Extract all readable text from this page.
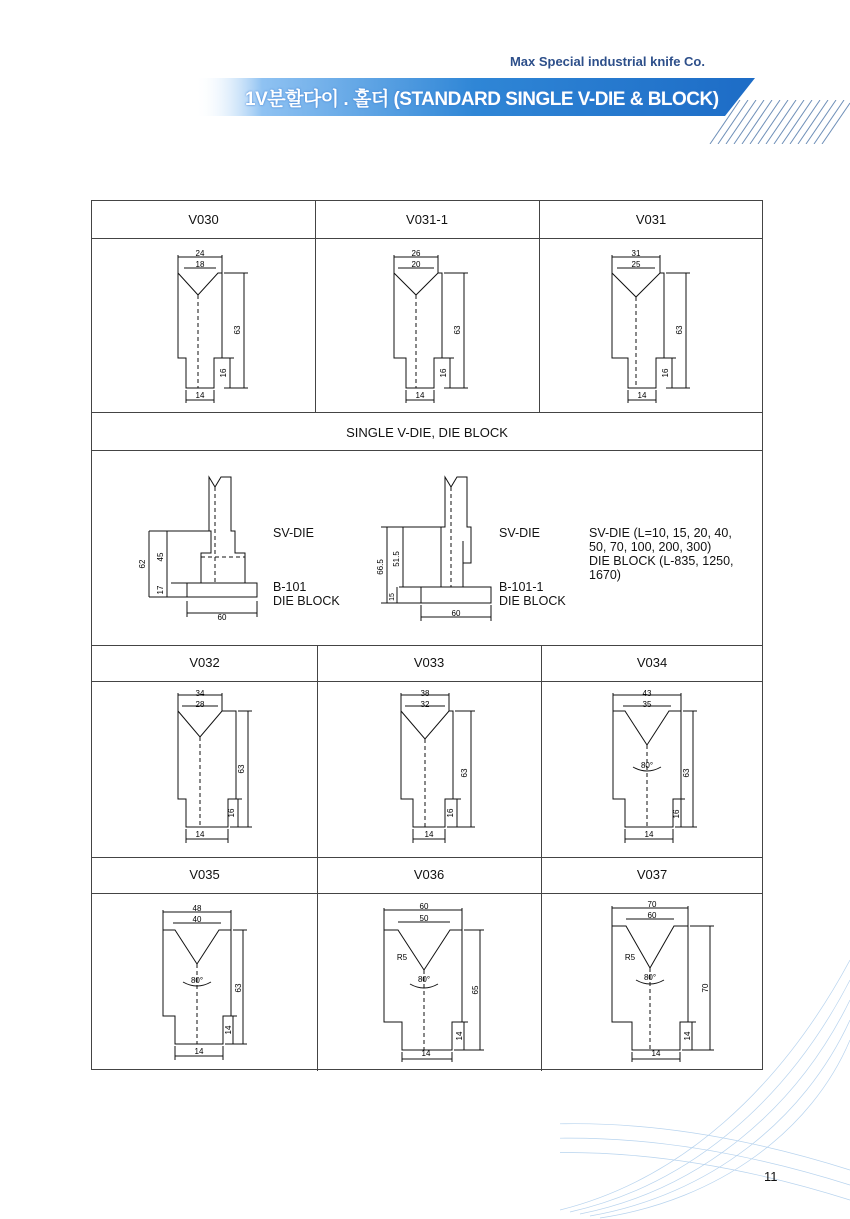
Max Special industrial knife Co.
1V분할다이 . 홀더 (STANDARD SINGLE V-DIE & BLOCK)
V030	V031-1	V031
SINGLE V-DIE, DIE BLOCK
V032	V033	V034
V035	V036	V037
24
18
63
16
14
26
20
63
16
14
31
25
63
16
14
62
45
17
60
SV-DIE
B-101
DIE BLOCK
66.5
51.5
15
60
SV-DIE
B-101-1
DIE BLOCK
SV-DIE (L=10, 15, 20, 40,
50, 70, 100, 200, 300)
DIE BLOCK (L-835, 1250,
1670)
34
28
63
16
14
38
32
63
16
14
43
35
80°
63
16
14
48
40
80°
63
14
14
60
50
R5
80°
65
14
14
70
60
R5
80°
70
14
14
11
